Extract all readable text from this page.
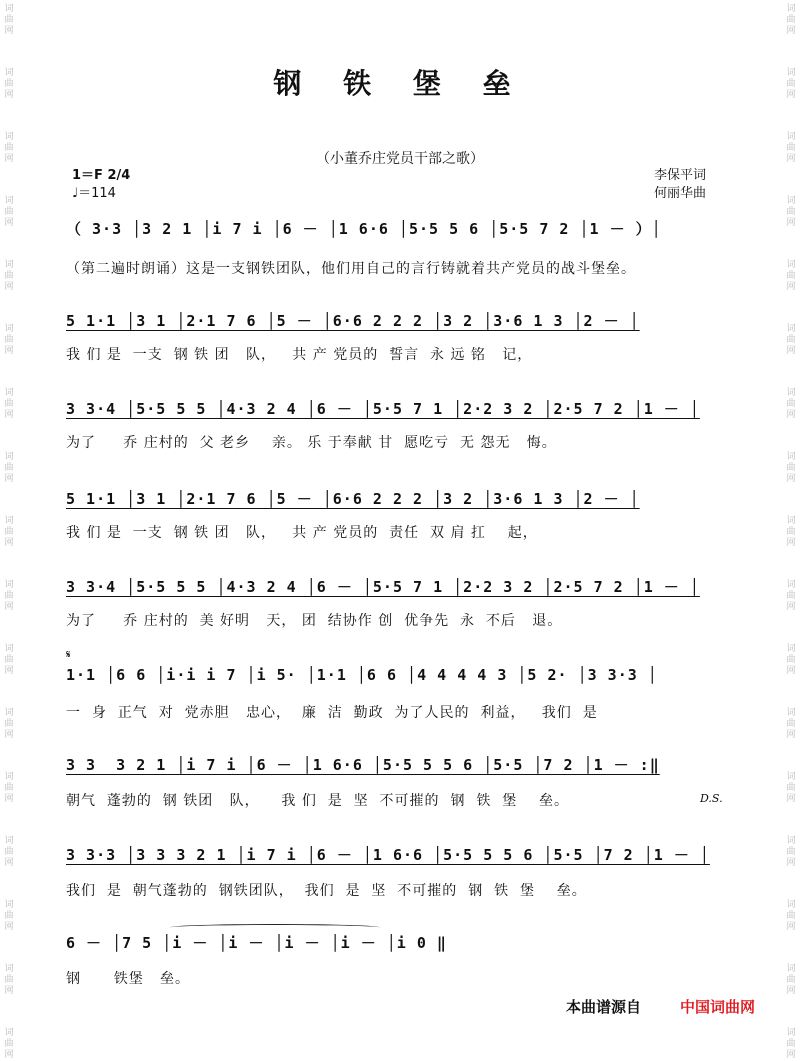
词曲网
词曲网
词曲网
词曲网
词曲网
词曲网
词曲网
词曲网
词曲网
词曲网
词曲网
词曲网
词曲网
词曲网
词曲网
词曲网
词曲网
词曲网
词曲网
词曲网
词曲网
词曲网
词曲网
词曲网
词曲网
词曲网
词曲网
词曲网
词曲网
词曲网
词曲网
词曲网
词曲网
词曲网
钢 铁 堡 垒
（小董乔庄党员干部之歌）
1＝F 2/4
♩＝114
李保平词
何丽华曲
（ 3·3 │3 2 1 │i 7 i │6 － │1 6·6 │5·5 5 6 │5·5 7 2 │1 － ）│
（第二遍时朗诵）这是一支钢铁团队，他们用自己的言行铸就着共产党员的战斗堡垒。
5 1·1 │3 1 │2·1 7 6 │5 － │6·6 2 2 2 │3 2 │3·6 1 3 │2 － │
我 们 是  一支  钢 铁 团   队，   共 产 党员的  誓言  永 远 铭   记，
3 3·4 │5·5 5 5 │4·3 2 4 │6 － │5·5 7 1 │2·2 3 2 │2·5 7 2 │1 － │
为了     乔 庄村的  父 老乡    亲。 乐 于奉献 甘  愿吃亏  无 怨无   悔。
5 1·1 │3 1 │2·1 7 6 │5 － │6·6 2 2 2 │3 2 │3·6 1 3 │2 － │
我 们 是  一支  钢 铁 团   队，   共 产 党员的  责任  双 肩 扛    起，
3 3·4 │5·5 5 5 │4·3 2 4 │6 － │5·5 7 1 │2·2 3 2 │2·5 7 2 │1 － │
为了     乔 庄村的  美 好明   天， 团  结协作 创  优争先  永  不后   退。
𝄋
1·1 │6 6 │i·i i 7 │i 5· │1·1 │6 6 │4 4 4 4 3 │5 2· │3 3·3 │
一  身  正气  对  党赤胆   忠心，  廉  洁  勤政  为了人民的  利益，   我们  是
3 3  3 2 1 │i 7 i │6 － │1 6·6 │5·5 5 5 6 │5·5 │7 2 │1 － :‖
朝气  蓬勃的  钢 铁团   队，    我 们  是  坚  不可摧的  钢  铁  堡    垒。	D.S.
3 3·3 │3 3 3 2 1 │i 7 i │6 － │1 6·6 │5·5 5 5 6 │5·5 │7 2 │1 － │
我们  是  朝气蓬勃的  钢铁团队，  我们  是  坚  不可摧的  钢  铁  堡    垒。
6 － │7 5 │i － │i － │i － │i － │i 0 ‖
钢      铁堡   垒。
本曲谱源自	中国词曲网
